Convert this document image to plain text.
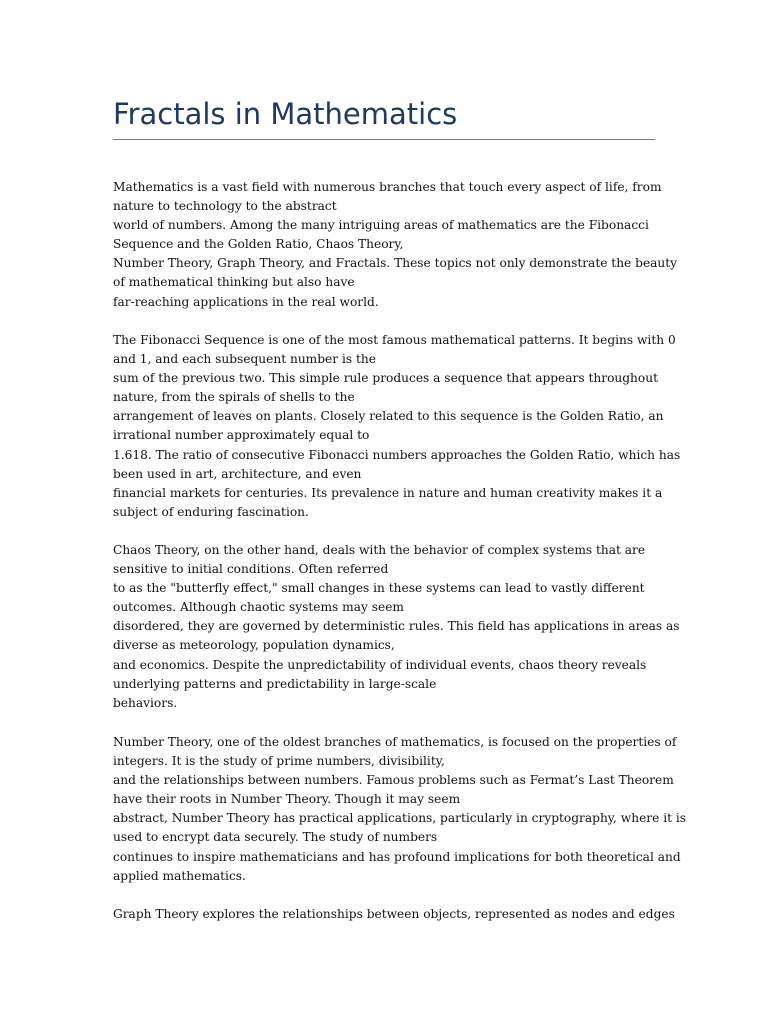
Fractals in Mathematics

Mathematics is a vast field with numerous branches that touch every aspect of life, from
nature to technology to the abstract
world of numbers. Among the many intriguing areas of mathematics are the Fibonacci
Sequence and the Golden Ratio, Chaos Theory,
Number Theory, Graph Theory, and Fractals. These topics not only demonstrate the beauty
of mathematical thinking but also have
far-reaching applications in the real world.

The Fibonacci Sequence is one of the most famous mathematical patterns. It begins with 0
and 1, and each subsequent number is the
sum of the previous two. This simple rule produces a sequence that appears throughout
nature, from the spirals of shells to the
arrangement of leaves on plants. Closely related to this sequence is the Golden Ratio, an
irrational number approximately equal to
1.618. The ratio of consecutive Fibonacci numbers approaches the Golden Ratio, which has
been used in art, architecture, and even
financial markets for centuries. Its prevalence in nature and human creativity makes it a
subject of enduring fascination.

Chaos Theory, on the other hand, deals with the behavior of complex systems that are
sensitive to initial conditions. Often referred
to as the "butterfly effect," small changes in these systems can lead to vastly different
outcomes. Although chaotic systems may seem
disordered, they are governed by deterministic rules. This field has applications in areas as
diverse as meteorology, population dynamics,
and economics. Despite the unpredictability of individual events, chaos theory reveals
underlying patterns and predictability in large-scale
behaviors.

Number Theory, one of the oldest branches of mathematics, is focused on the properties of
integers. It is the study of prime numbers, divisibility,
and the relationships between numbers. Famous problems such as Fermat’s Last Theorem
have their roots in Number Theory. Though it may seem
abstract, Number Theory has practical applications, particularly in cryptography, where it is
used to encrypt data securely. The study of numbers
continues to inspire mathematicians and has profound implications for both theoretical and
applied mathematics.

Graph Theory explores the relationships between objects, represented as nodes and edges
